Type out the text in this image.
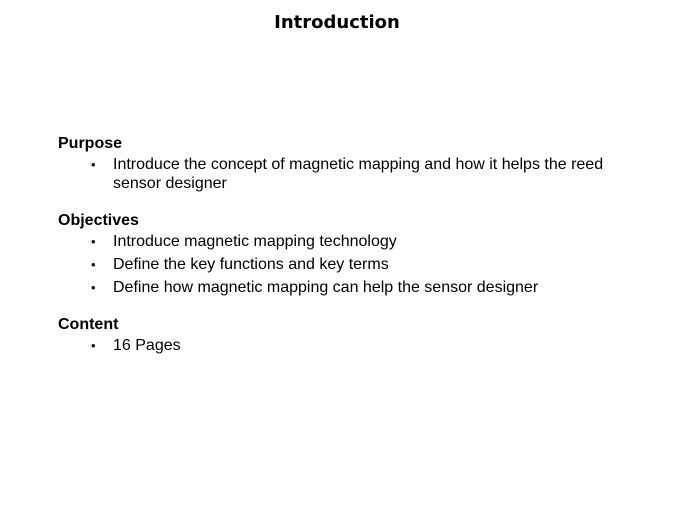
Introduction
Purpose
• Introduce the concept of magnetic mapping and how it helps the reed sensor designer
Objectives
• Introduce magnetic mapping technology
• Define the key functions and key terms
• Define how magnetic mapping can help the sensor designer
Content
• 16 Pages
